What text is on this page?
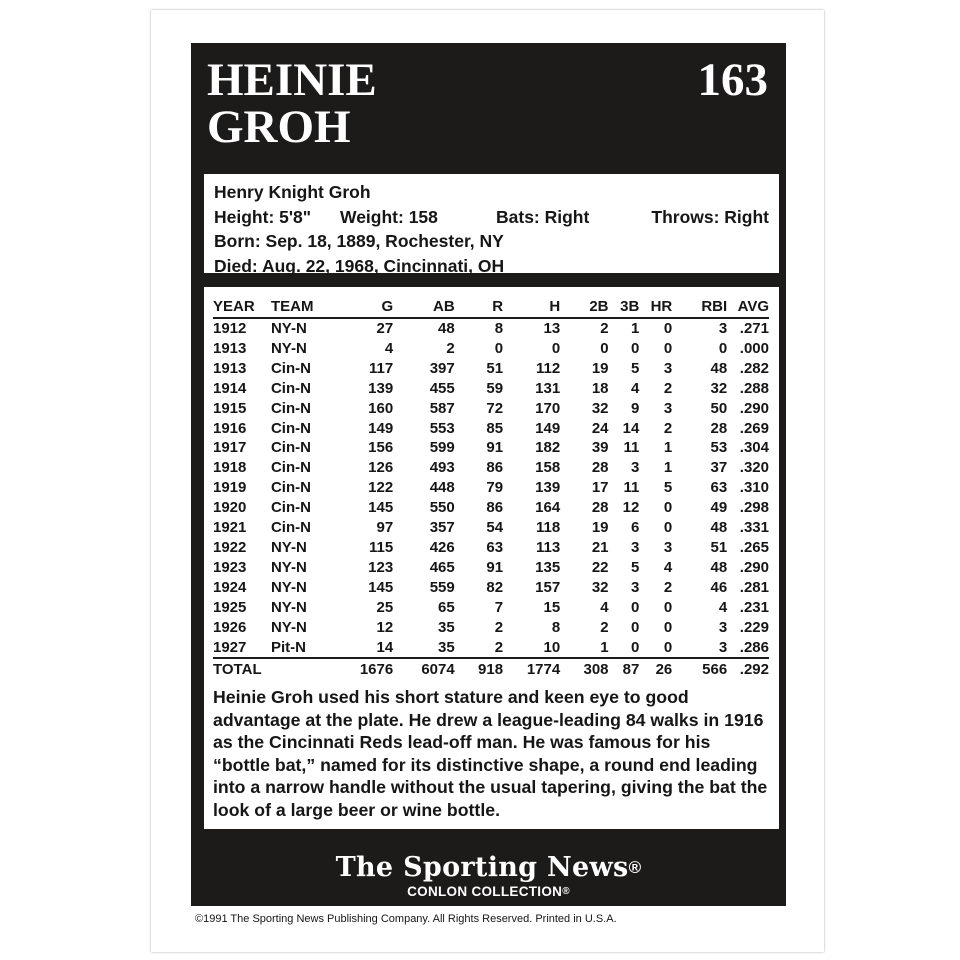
HEINIE
GROH
163
Henry Knight Groh
Height: 5'8" Weight: 158	Bats: Right	Throws: Right
Born: Sep. 18, 1889, Rochester, NY
Died: Aug. 22, 1968, Cincinnati, OH
YEAR	TEAM	G	AB	R	H	2B	3B	HR	RBI	AVG
1912	NY-N	27	48	8	13	2	1	0	3	.271
1913	NY-N	4	2	0	0	0	0	0	0	.000
1913	Cin-N	117	397	51	112	19	5	3	48	.282
1914	Cin-N	139	455	59	131	18	4	2	32	.288
1915	Cin-N	160	587	72	170	32	9	3	50	.290
1916	Cin-N	149	553	85	149	24	14	2	28	.269
1917	Cin-N	156	599	91	182	39	11	1	53	.304
1918	Cin-N	126	493	86	158	28	3	1	37	.320
1919	Cin-N	122	448	79	139	17	11	5	63	.310
1920	Cin-N	145	550	86	164	28	12	0	49	.298
1921	Cin-N	97	357	54	118	19	6	0	48	.331
1922	NY-N	115	426	63	113	21	3	3	51	.265
1923	NY-N	123	465	91	135	22	5	4	48	.290
1924	NY-N	145	559	82	157	32	3	2	46	.281
1925	NY-N	25	65	7	15	4	0	0	4	.231
1926	NY-N	12	35	2	8	2	0	0	3	.229
1927	Pit-N	14	35	2	10	1	0	0	3	.286
TOTAL		1676	6074	918	1774	308	87	26	566	.292

Heinie Groh used his short stature and keen eye to good advantage at the plate. He drew a league-leading 84 walks in 1916 as the Cincinnati Reds lead-off man. He was famous for his “bottle bat,” named for its distinctive shape, a round end leading into a narrow handle without the usual tapering, giving the bat the look of a large beer or wine bottle.

The Sporting News®
CONLON COLLECTION®

©1991 The Sporting News Publishing Company. All Rights Reserved. Printed in U.S.A.
